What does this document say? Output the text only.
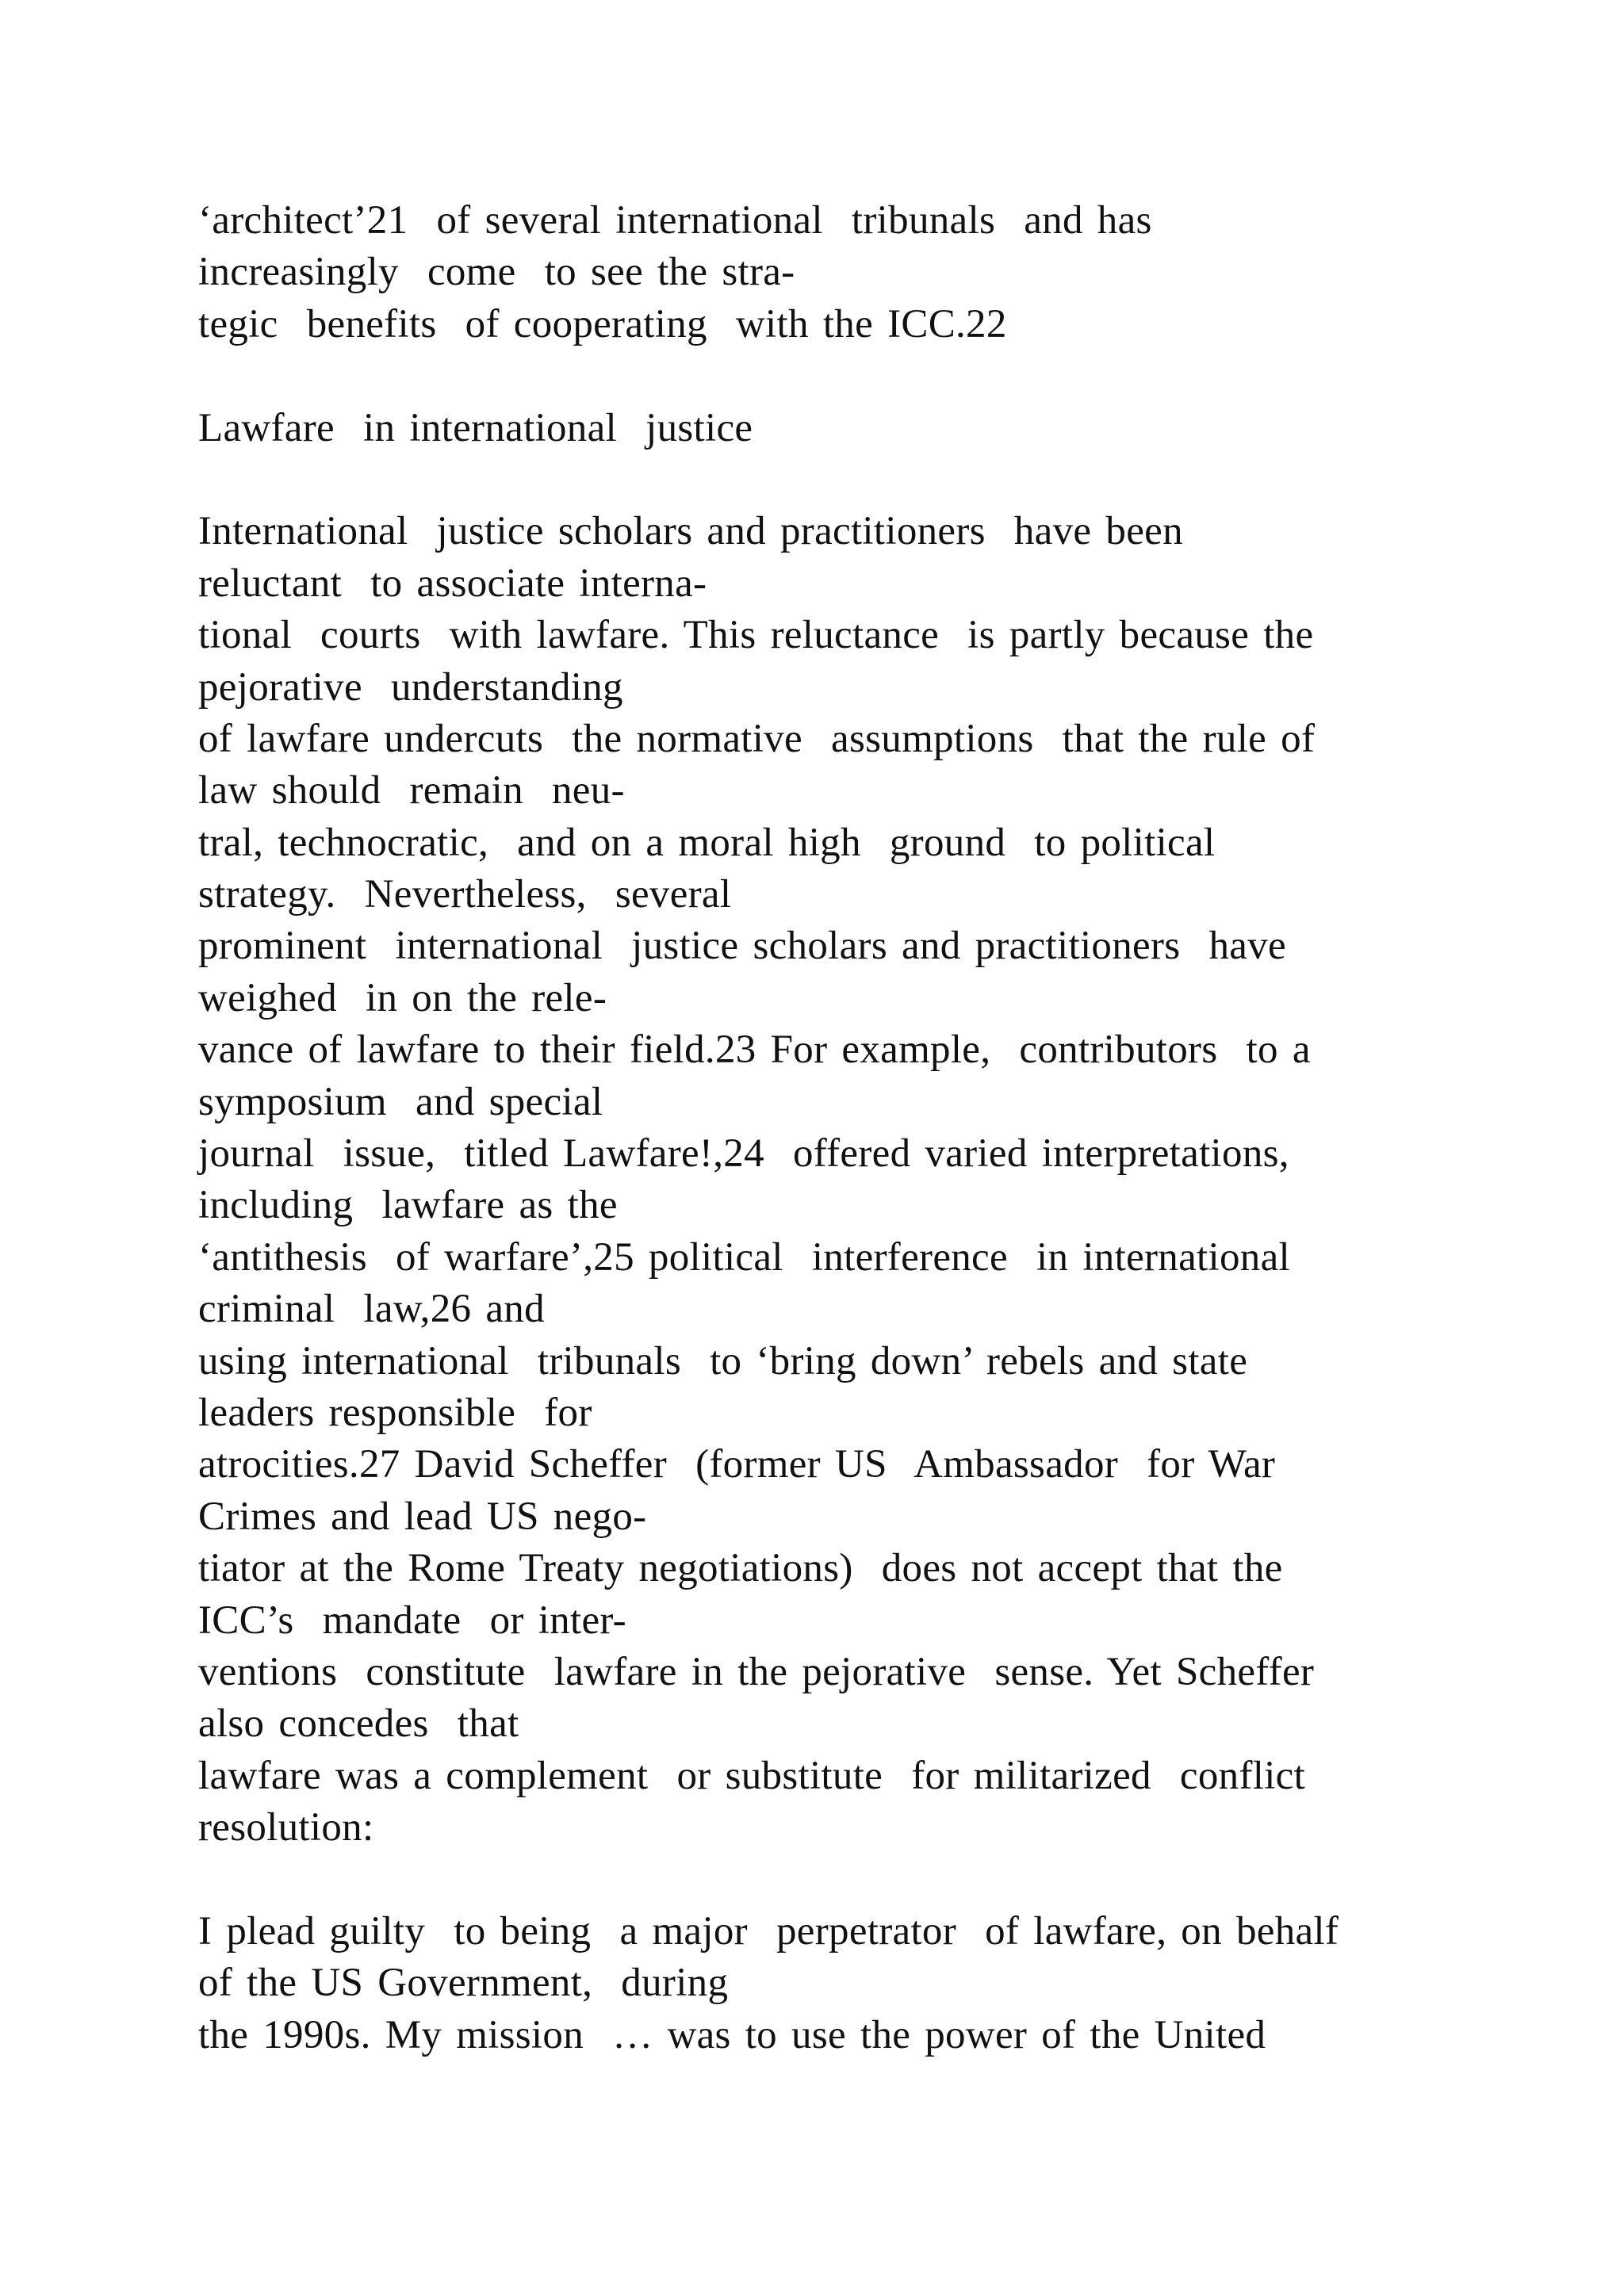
‘architect’21  of several international  tribunals  and has
increasingly  come  to see the stra-
tegic  benefits  of cooperating  with the ICC.22
Lawfare  in international  justice
International  justice scholars and practitioners  have been
reluctant  to associate interna-
tional  courts  with lawfare. This reluctance  is partly because the
pejorative  understanding
of lawfare undercuts  the normative  assumptions  that the rule of
law should  remain  neu-
tral, technocratic,  and on a moral high  ground  to political
strategy.  Nevertheless,  several
prominent  international  justice scholars and practitioners  have
weighed  in on the rele-
vance of lawfare to their field.23 For example,  contributors  to a
symposium  and special
journal  issue,  titled Lawfare!,24  offered varied interpretations,
including  lawfare as the
‘antithesis  of warfare’,25 political  interference  in international
criminal  law,26 and
using international  tribunals  to ‘bring down’ rebels and state
leaders responsible  for
atrocities.27 David Scheffer  (former US  Ambassador  for War
Crimes and lead US nego-
tiator at the Rome Treaty negotiations)  does not accept that the
ICC’s  mandate  or inter-
ventions  constitute  lawfare in the pejorative  sense. Yet Scheffer
also concedes  that
lawfare was a complement  or substitute  for militarized  conflict
resolution:
I plead guilty  to being  a major  perpetrator  of lawfare, on behalf
of the US Government,  during
the 1990s. My mission  … was to use the power of the United
